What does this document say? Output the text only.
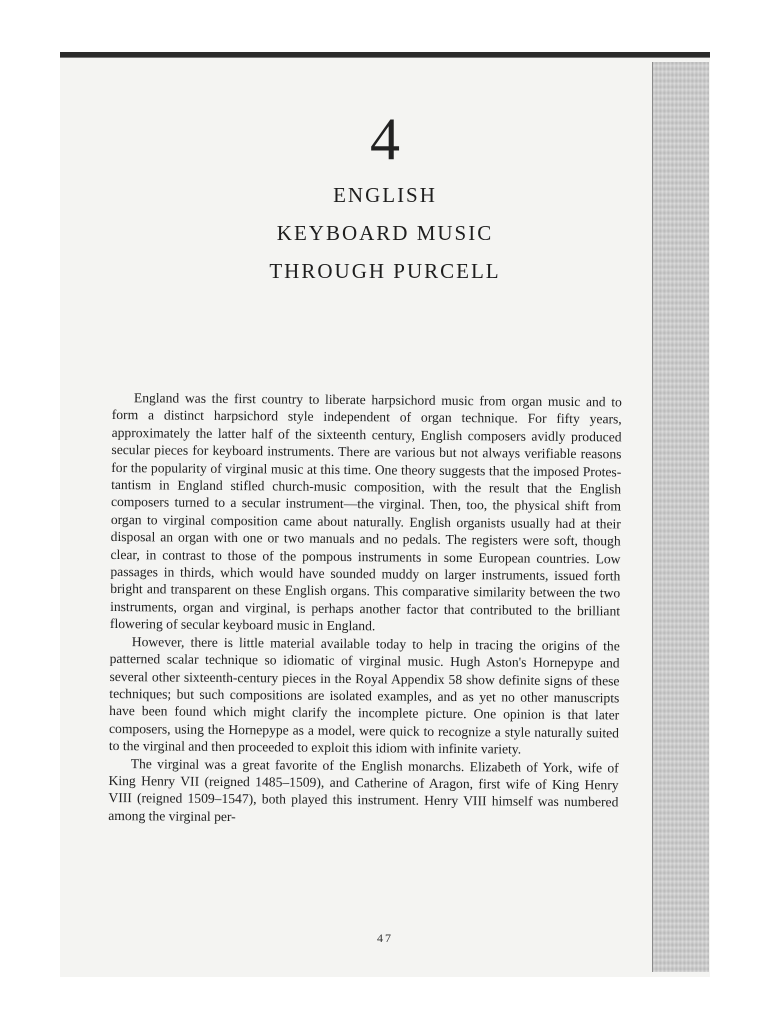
4
ENGLISH
KEYBOARD MUSIC
THROUGH PURCELL

England was the first country to liberate harpsichord music from organ music and to form a distinct harpsichord style independent of organ technique. For fifty years, approximately the latter half of the sixteenth century, English composers avidly produced secular pieces for keyboard instruments. There are various but not always verifiable reasons for the popularity of virginal music at this time. One theory suggests that the imposed Protestantism in England stifled church-music composition, with the result that the English composers turned to a secular instrument—the virginal. Then, too, the physical shift from organ to virginal composition came about naturally. English organists usually had at their disposal an organ with one or two manuals and no pedals. The registers were soft, though clear, in contrast to those of the pompous instruments in some European countries. Low passages in thirds, which would have sounded muddy on larger instruments, issued forth bright and transparent on these English organs. This comparative similarity between the two instruments, organ and virginal, is perhaps another factor that contributed to the brilliant flowering of secular keyboard music in England.

However, there is little material available today to help in tracing the origins of the patterned scalar technique so idiomatic of virginal music. Hugh Aston's Hornepype and several other sixteenth-century pieces in the Royal Appendix 58 show definite signs of these techniques; but such compositions are isolated examples, and as yet no other manuscripts have been found which might clarify the incomplete picture. One opinion is that later composers, using the Hornepype as a model, were quick to recognize a style naturally suited to the virginal and then proceeded to exploit this idiom with infinite variety.

The virginal was a great favorite of the English monarchs. Elizabeth of York, wife of King Henry VII (reigned 1485–1509), and Catherine of Aragon, first wife of King Henry VIII (reigned 1509–1547), both played this instrument. Henry VIII himself was numbered among the virginal per-

47
